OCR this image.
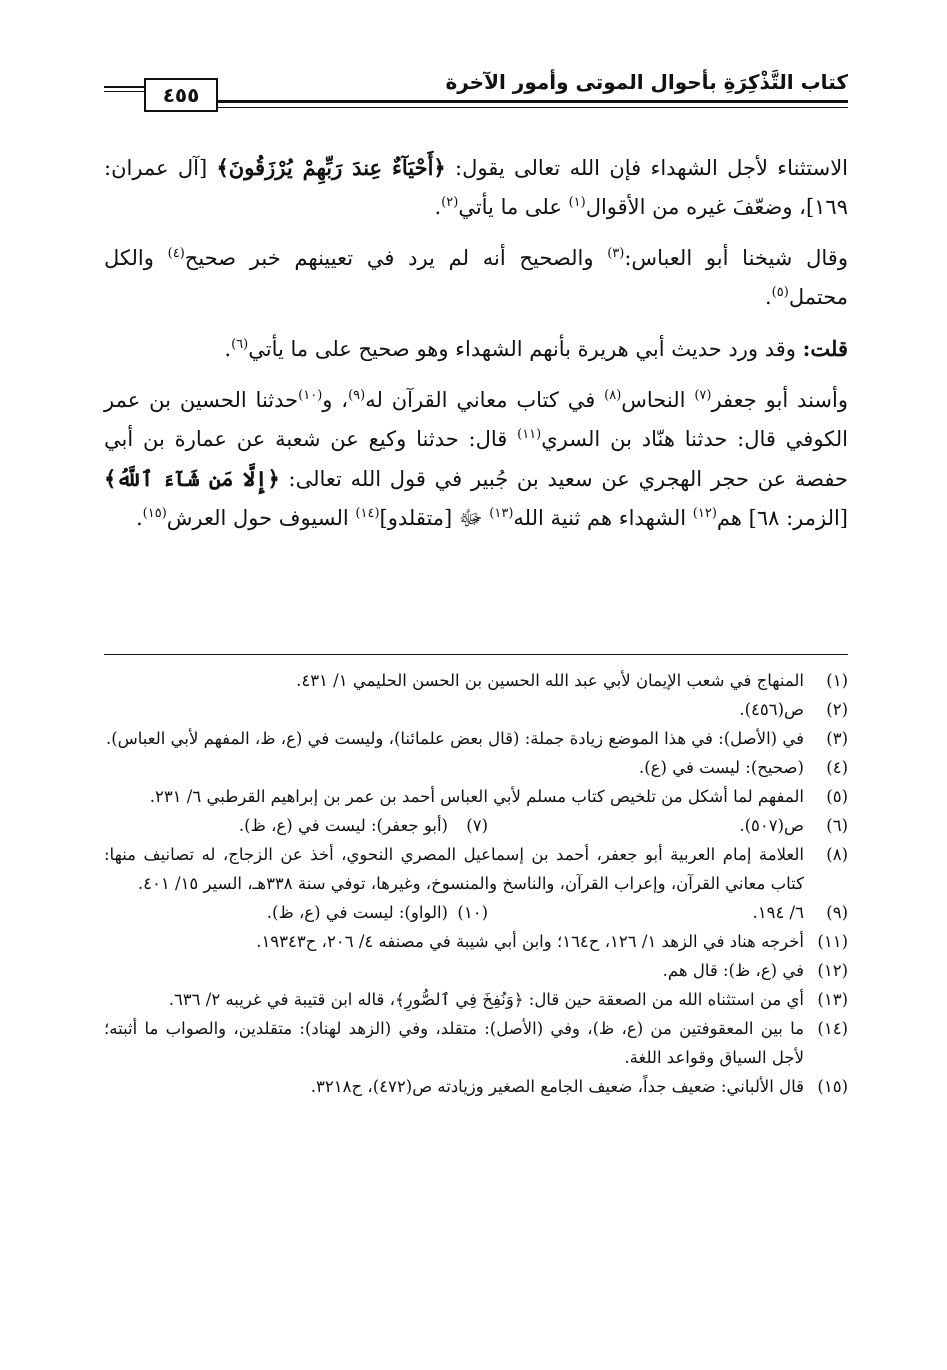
٤٥٥
كتاب التَّذْكِرَةِ بأحوال الموتى وأمور الآخرة

الاستثناء لأجل الشهداء فإن الله تعالى يقول: ﴿أَحْيَآءٌ عِندَ رَبِّهِمْ يُرْزَقُونَ﴾ [آل عمران: ١٦٩]، وضعّفَ غيره من الأقوال$^{(١)}$ على ما يأتي$^{(٢)}$.

وقال شيخنا أبو العباس:$^{(٣)}$ والصحيح أنه لم يرد في تعيينهم خبر صحيح$^{(٤)}$ والكل محتمل$^{(٥)}$.

قلت: وقد ورد حديث أبي هريرة بأنهم الشهداء وهو صحيح على ما يأتي$^{(٦)}$.

وأسند أبو جعفر$^{(٧)}$ النحاس$^{(٨)}$ في كتاب معاني القرآن له$^{(٩)}$، و$^{(١٠)}$حدثنا الحسين بن عمر الكوفي قال: حدثنا هنّاد بن السري$^{(١١)}$ قال: حدثنا وكيع عن شعبة عن عمارة بن أبي حفصة عن حجر الهجري عن سعيد بن جُبير في قول الله تعالى: ﴿إِلَّا مَن شَآءَ ٱللَّهُ﴾ [الزمر: ٦٨] هم$^{(١٢)}$ الشهداء هم ثنية الله$^{(١٣)}$ ﷻ [متقلدو]$^{(١٤)}$ السيوف حول العرش$^{(١٥)}$.

(١)
المنهاج في شعب الإيمان لأبي عبد الله الحسين بن الحسن الحليمي ١/ ٤٣١.
(٢)
ص(٤٥٦).
(٣)
في (الأصل): في هذا الموضع زيادة جملة: (قال بعض علمائنا)، وليست في (ع، ظ، المفهم لأبي العباس).
(٤)
(صحيح): ليست في (ع).
(٥)
المفهم لما أشكل من تلخيص كتاب مسلم لأبي العباس أحمد بن عمر بن إبراهيم القرطبي ٦/ ٢٣١.
(٦)
ص(٥٠٧).
(٧)
(أبو جعفر): ليست في (ع، ظ).
(٨)
العلامة إمام العربية أبو جعفر، أحمد بن إسماعيل المصري النحوي، أخذ عن الزجاج، له تصانيف منها: كتاب معاني القرآن، وإعراب القرآن، والناسخ والمنسوخ، وغيرها، توفي سنة ٣٣٨هـ، السير ١٥/ ٤٠١.
(٩)
٦/ ١٩٤.
(١٠)
(الواو): ليست في (ع، ظ).
(١١)
أخرجه هناد في الزهد ١/ ١٢٦، ح١٦٤؛ وابن أبي شيبة في مصنفه ٤/ ٢٠٦، ح١٩٣٤٣.
(١٢)
في (ع، ظ): قال هم.
(١٣)
أي من استثناه الله من الصعقة حين قال: ﴿وَنُفِخَ فِي ٱلصُّورِ﴾، قاله ابن قتيبة في غريبه ٢/ ٦٣٦.
(١٤)
ما بين المعقوفتين من (ع، ظ)، وفي (الأصل): متقلد، وفي (الزهد لهناد): متقلدين، والصواب ما أثبته؛ لأجل السياق وقواعد اللغة.
(١٥)
قال الألباني: ضعيف جداً، ضعيف الجامع الصغير وزيادته ص(٤٧٢)، ح٣٢١٨.
